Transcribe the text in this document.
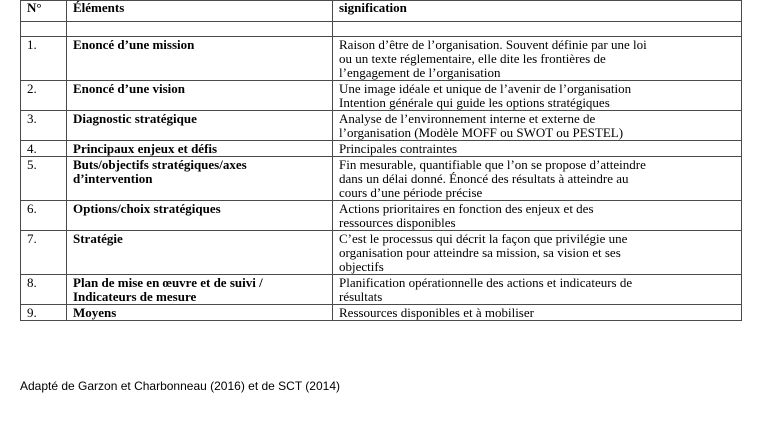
N°	Éléments	signification

1.	Enoncé d’une mission	Raison d’être de l’organisation. Souvent définie par une loi
ou un texte réglementaire, elle dite les frontières de
l’engagement de l’organisation

2.	Enoncé d’une vision	Une image idéale et unique de l’avenir de l’organisation
Intention générale qui guide les options stratégiques

3.	Diagnostic stratégique	Analyse de l’environnement interne et externe de
l’organisation (Modèle MOFF ou SWOT ou PESTEL)

4.	Principaux enjeux et défis	Principales contraintes

5.	Buts/objectifs stratégiques/axes d’intervention	Fin mesurable, quantifiable que l’on se propose d’atteindre
dans un délai donné. Énoncé des résultats à atteindre au
cours d’une période précise

6.	Options/choix stratégiques	Actions prioritaires en fonction des enjeux et des
ressources disponibles

7.	Stratégie	C’est le processus qui décrit la façon que privilégie une
organisation pour atteindre sa mission, sa vision et ses
objectifs

8.	Plan de mise en œuvre et de suivi / Indicateurs de mesure	Planification opérationnelle des actions et indicateurs de
résultats

9.	Moyens	Ressources disponibles et à mobiliser
Adapté de Garzon et Charbonneau (2016) et de SCT (2014)
